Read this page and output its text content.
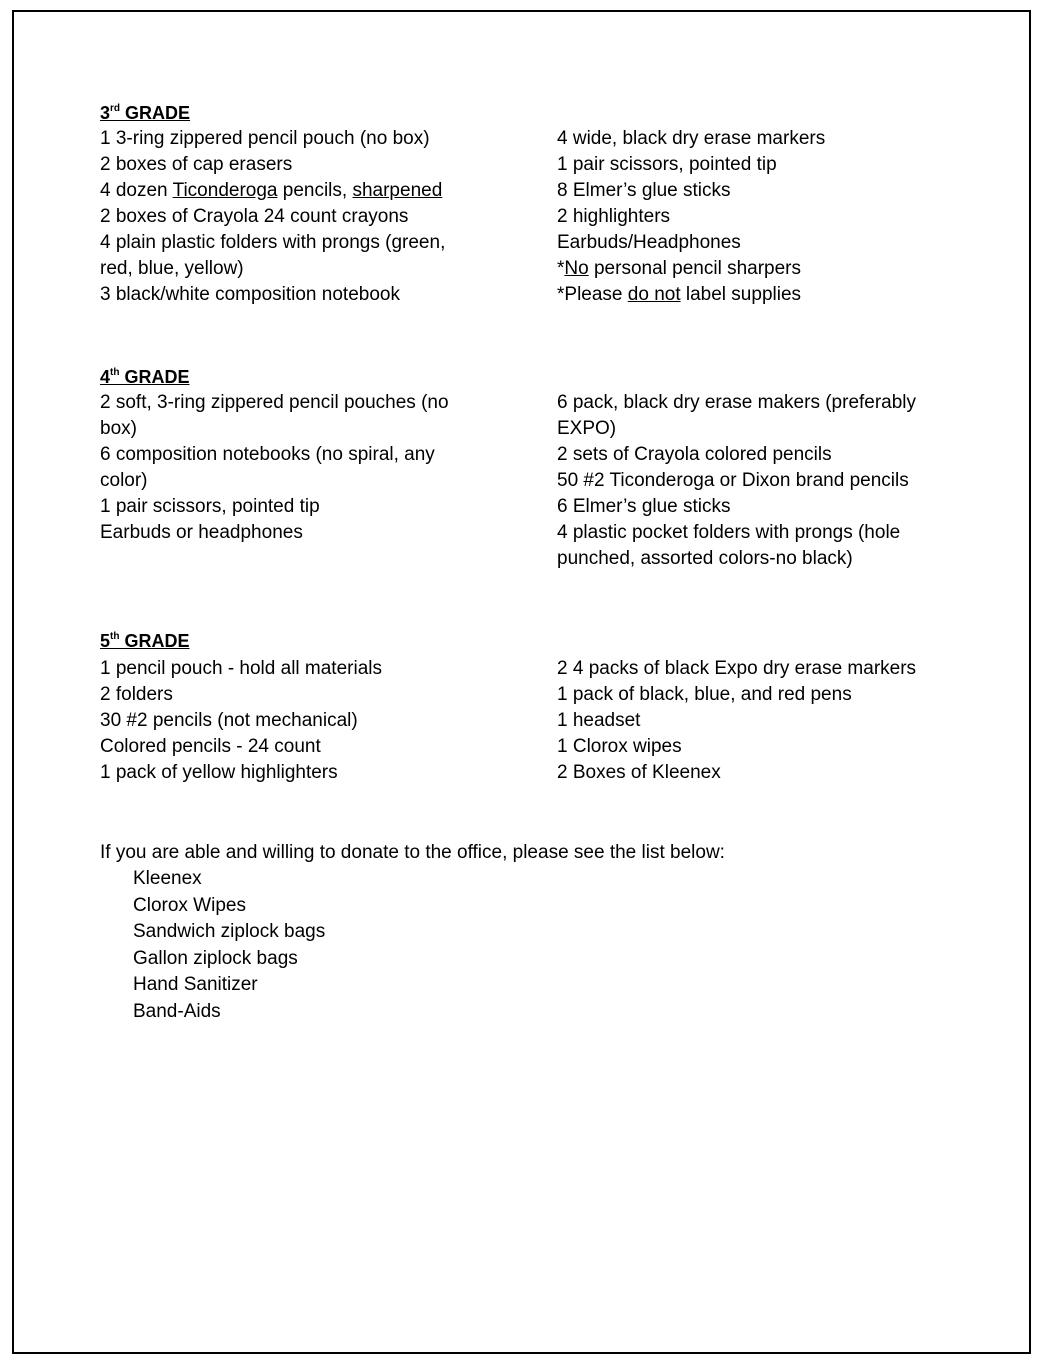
3rd GRADE
1 3-ring zippered pencil pouch (no box)
2 boxes of cap erasers
4 dozen Ticonderoga pencils, sharpened
2 boxes of Crayola 24 count crayons
4 plain plastic folders with prongs (green, red, blue, yellow)
3 black/white composition notebook
4 wide, black dry erase markers
1 pair scissors, pointed tip
8 Elmer’s glue sticks
2 highlighters
Earbuds/Headphones
*No personal pencil sharpers
*Please do not label supplies
4th GRADE
2 soft, 3-ring zippered pencil pouches (no box)
6 composition notebooks (no spiral, any color)
1 pair scissors, pointed tip
Earbuds or headphones
6 pack, black dry erase makers (preferably EXPO)
2 sets of Crayola colored pencils
50 #2 Ticonderoga or Dixon brand pencils
6 Elmer’s glue sticks
4 plastic pocket folders with prongs (hole punched, assorted colors-no black)
5th GRADE
1 pencil pouch - hold all materials
2 folders
30 #2 pencils (not mechanical)
Colored pencils - 24 count
1 pack of yellow highlighters
2 4 packs of black Expo dry erase markers
1 pack of black, blue, and red pens
1 headset
1 Clorox wipes
2 Boxes of Kleenex

If you are able and willing to donate to the office, please see the list below:

Kleenex
Clorox Wipes
Sandwich ziplock bags
Gallon ziplock bags
Hand Sanitizer
Band-Aids
